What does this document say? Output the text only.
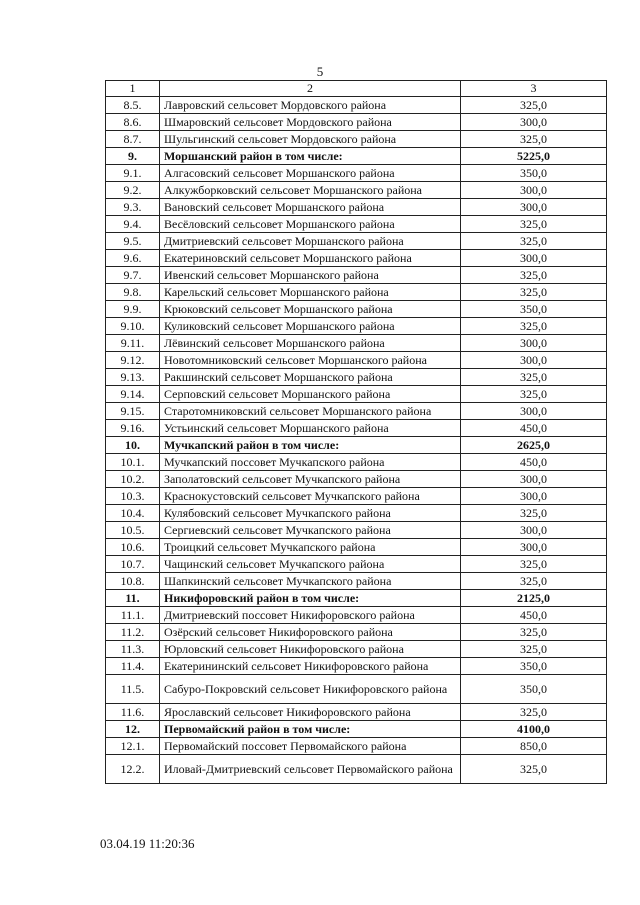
5
1	2	3
8.5.	Лавровский сельсовет Мордовского района	325,0
8.6.	Шмаровский сельсовет Мордовского района	300,0
8.7.	Шульгинский сельсовет Мордовского района	325,0
9.	Моршанский район в том числе:	5225,0
9.1.	Алгасовский сельсовет Моршанского района	350,0
9.2.	Алкужборковский сельсовет Моршанского района	300,0
9.3.	Вановский сельсовет Моршанского района	300,0
9.4.	Весёловский сельсовет Моршанского района	325,0
9.5.	Дмитриевский сельсовет Моршанского района	325,0
9.6.	Екатериновский сельсовет Моршанского района	300,0
9.7.	Ивенский сельсовет Моршанского района	325,0
9.8.	Карельский сельсовет Моршанского района	325,0
9.9.	Крюковский сельсовет Моршанского района	350,0
9.10.	Куликовский сельсовет Моршанского района	325,0
9.11.	Лёвинский сельсовет Моршанского района	300,0
9.12.	Новотомниковский сельсовет Моршанского района	300,0
9.13.	Ракшинский сельсовет Моршанского района	325,0
9.14.	Серповский сельсовет Моршанского района	325,0
9.15.	Старотомниковский сельсовет Моршанского района	300,0
9.16.	Устьинский сельсовет Моршанского района	450,0
10.	Мучкапский район в том числе:	2625,0
10.1.	Мучкапский поссовет Мучкапского района	450,0
10.2.	Заполатовский сельсовет Мучкапского района	300,0
10.3.	Краснокустовский сельсовет Мучкапского района	300,0
10.4.	Кулябовский сельсовет Мучкапского района	325,0
10.5.	Сергиевский сельсовет Мучкапского района	300,0
10.6.	Троицкий сельсовет Мучкапского района	300,0
10.7.	Чащинский сельсовет Мучкапского района	325,0
10.8.	Шапкинский сельсовет Мучкапского района	325,0
11.	Никифоровский район в том числе:	2125,0
11.1.	Дмитриевский поссовет Никифоровского района	450,0
11.2.	Озёрский сельсовет Никифоровского района	325,0
11.3.	Юрловский сельсовет Никифоровского района	325,0
11.4.	Екатерининский сельсовет Никифоровского района	350,0
11.5.	Сабуро-Покровский сельсовет Никифоровского района	350,0
11.6.	Ярославский сельсовет Никифоровского района	325,0
12.	Первомайский район в том числе:	4100,0
12.1.	Первомайский поссовет Первомайского района	850,0
12.2.	Иловай-Дмитриевский сельсовет Первомайского района	325,0
03.04.19 11:20:36
